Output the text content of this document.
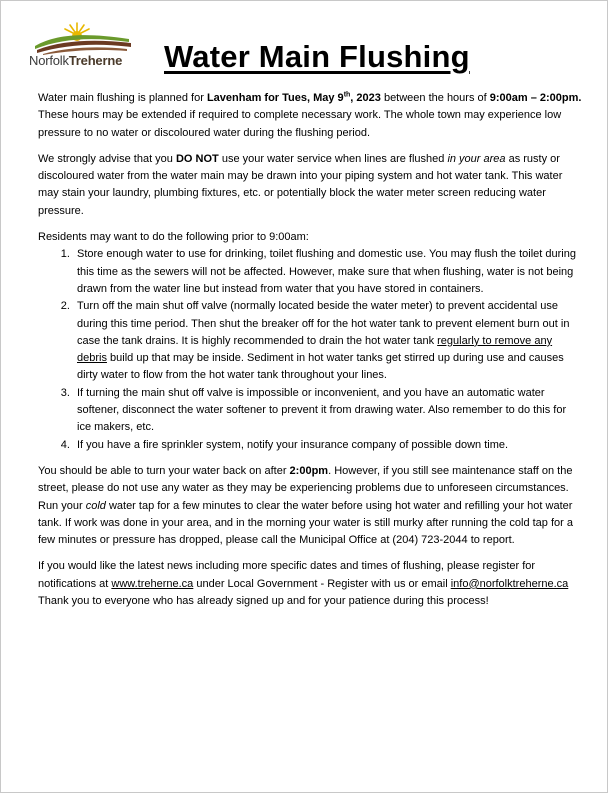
NorfolkTreherne Water Main Flushing

Water main flushing is planned for Lavenham for Tues, May 9th, 2023 between the hours of 9:00am – 2:00pm. These hours may be extended if required to complete necessary work. The whole town may experience low pressure to no water or discoloured water during the flushing period.

We strongly advise that you DO NOT use your water service when lines are flushed in your area as rusty or discoloured water from the water main may be drawn into your piping system and hot water tank. This water may stain your laundry, plumbing fixtures, etc. or potentially block the water meter screen reducing water pressure.

Residents may want to do the following prior to 9:00am:

1. Store enough water to use for drinking, toilet flushing and domestic use. You may flush the toilet during this time as the sewers will not be affected. However, make sure that when flushing, water is not being drawn from the water line but instead from water that you have stored in containers.
2. Turn off the main shut off valve (normally located beside the water meter) to prevent accidental use during this time period. Then shut the breaker off for the hot water tank to prevent element burn out in case the tank drains. It is highly recommended to drain the hot water tank regularly to remove any debris build up that may be inside. Sediment in hot water tanks get stirred up during use and causes dirty water to flow from the hot water tank throughout your lines.
3. If turning the main shut off valve is impossible or inconvenient, and you have an automatic water softener, disconnect the water softener to prevent it from drawing water. Also remember to do this for ice makers, etc.
4. If you have a fire sprinkler system, notify your insurance company of possible down time.

You should be able to turn your water back on after 2:00pm. However, if you still see maintenance staff on the street, please do not use any water as they may be experiencing problems due to unforeseen circumstances. Run your cold water tap for a few minutes to clear the water before using hot water and refilling your hot water tank. If work was done in your area, and in the morning your water is still murky after running the cold tap for a few minutes or pressure has dropped, please call the Municipal Office at (204) 723-2044 to report.

If you would like the latest news including more specific dates and times of flushing, please register for notifications at www.treherne.ca under Local Government - Register with us or email info@norfolktreherne.ca Thank you to everyone who has already signed up and for your patience during this process!
